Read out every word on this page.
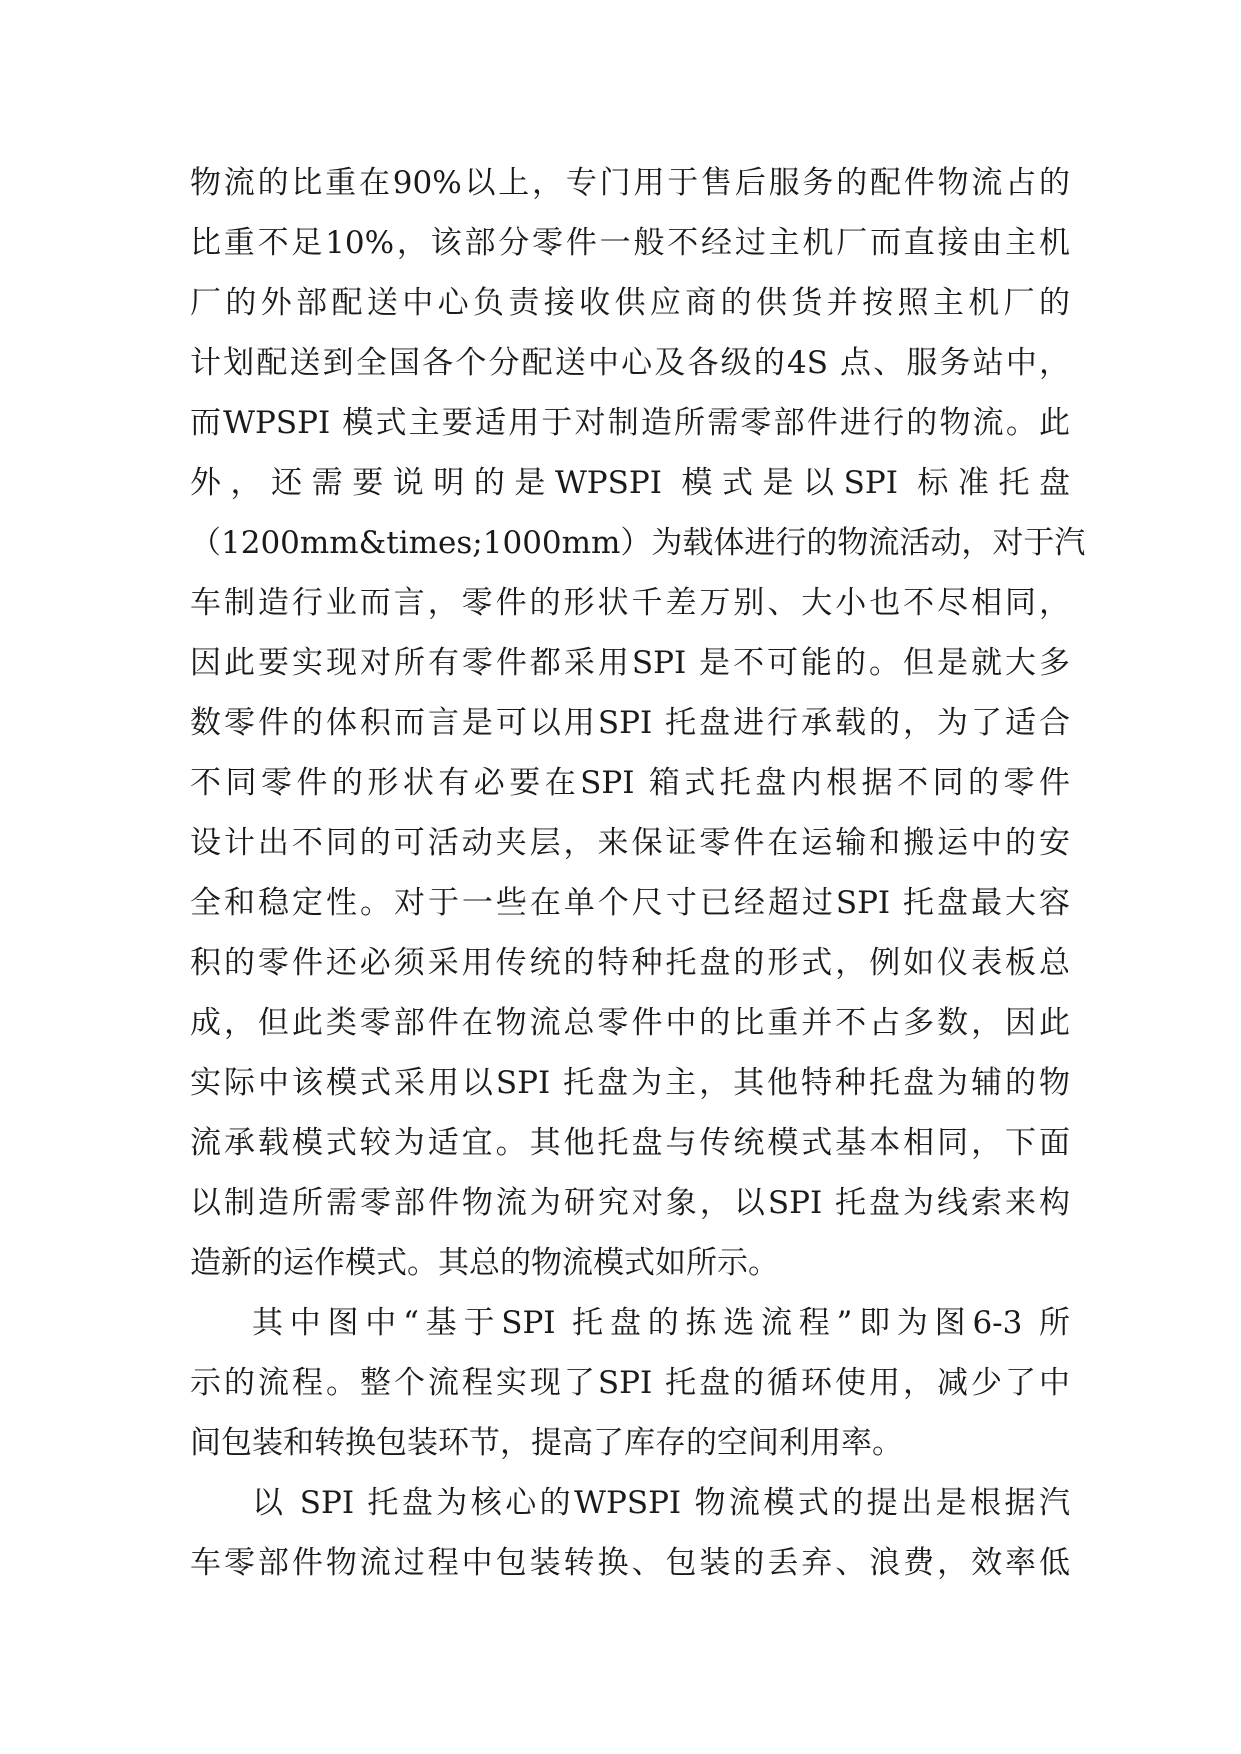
物流的比重在90%以上，专门用于售后服务的配件物流占的
比重不足10%，该部分零件一般不经过主机厂而直接由主机
厂的外部配送中心负责接收供应商的供货并按照主机厂的
计划配送到全国各个分配送中心及各级的4S 点、服务站中，
而WPSPI 模式主要适用于对制造所需零部件进行的物流。此
外，还需要说明的是WPSPI 模式是以SPI 标准托盘
（1200mm&times;1000mm）为载体进行的物流活动，对于汽
车制造行业而言，零件的形状千差万别、大小也不尽相同，
因此要实现对所有零件都采用SPI 是不可能的。但是就大多
数零件的体积而言是可以用SPI 托盘进行承载的，为了适合
不同零件的形状有必要在SPI 箱式托盘内根据不同的零件
设计出不同的可活动夹层，来保证零件在运输和搬运中的安
全和稳定性。对于一些在单个尺寸已经超过SPI 托盘最大容
积的零件还必须采用传统的特种托盘的形式，例如仪表板总
成，但此类零部件在物流总零件中的比重并不占多数，因此
实际中该模式采用以SPI 托盘为主，其他特种托盘为辅的物
流承载模式较为适宜。其他托盘与传统模式基本相同，下面
以制造所需零部件物流为研究对象，以SPI 托盘为线索来构
造新的运作模式。其总的物流模式如所示。
其中图中“基于SPI 托盘的拣选流程”即为图6-3 所
示的流程。整个流程实现了SPI 托盘的循环使用，减少了中
间包装和转换包装环节，提高了库存的空间利用率。
以 SPI 托盘为核心的WPSPI 物流模式的提出是根据汽
车零部件物流过程中包装转换、包装的丢弃、浪费，效率低
